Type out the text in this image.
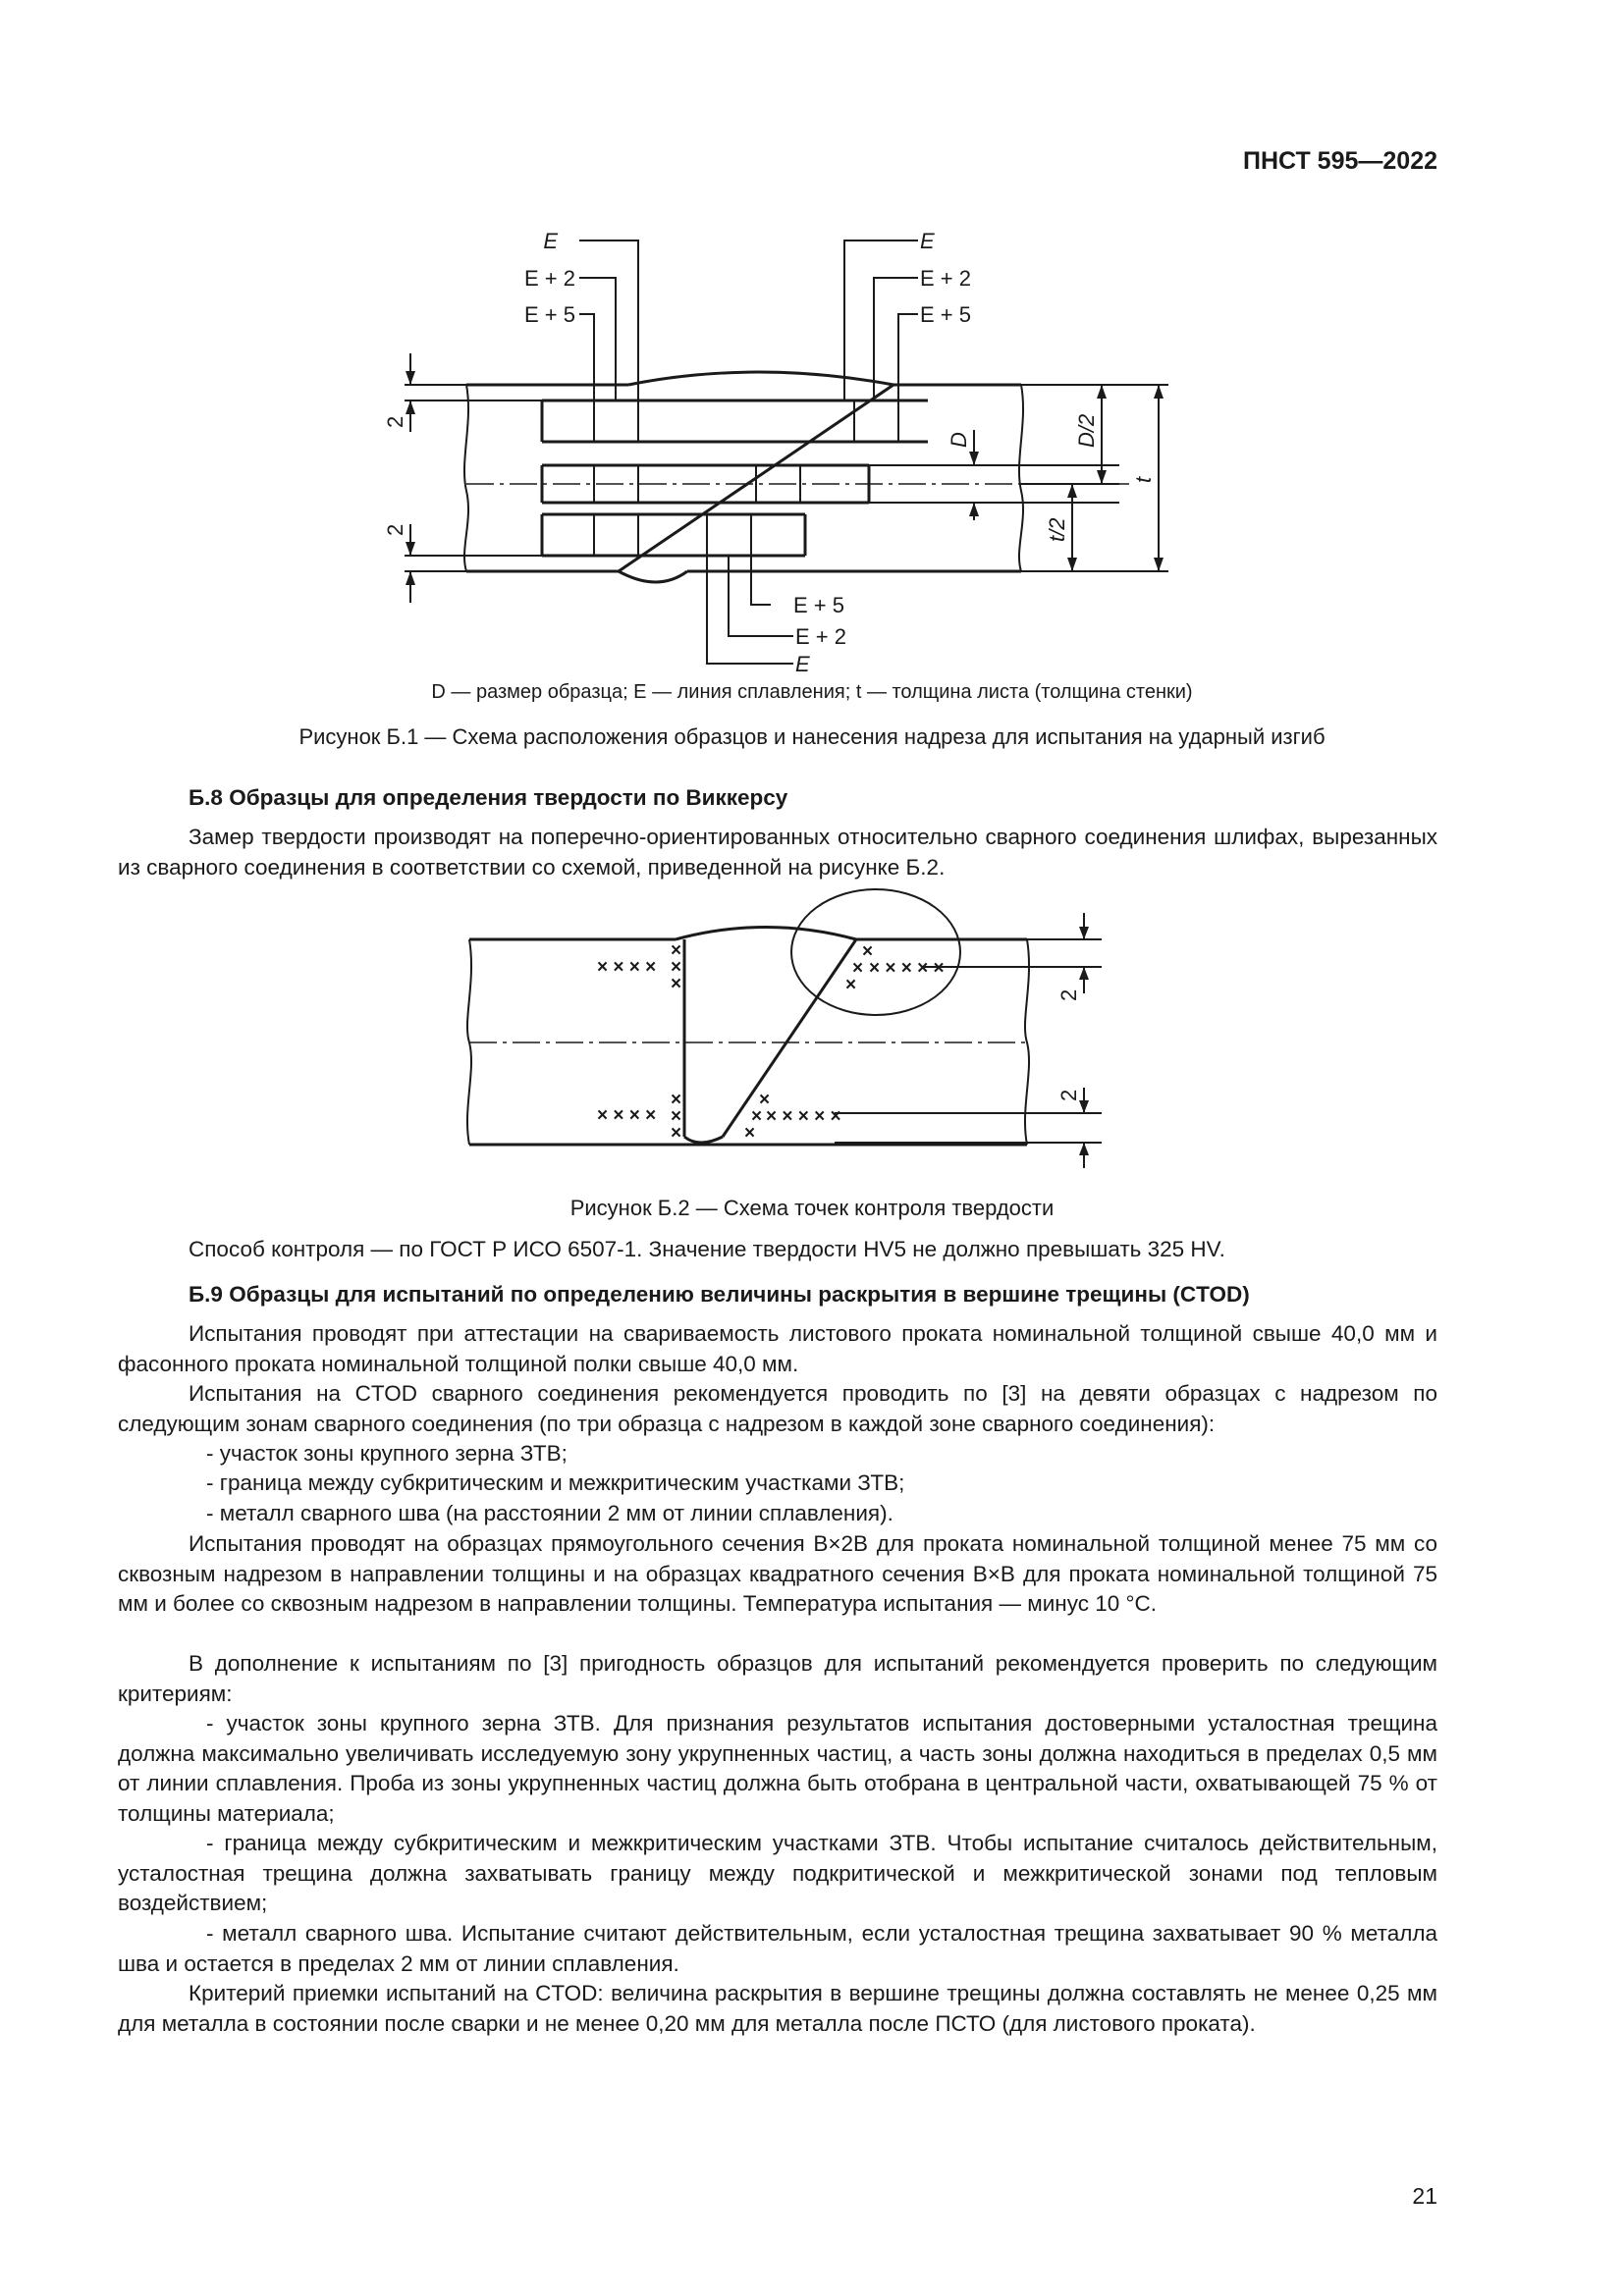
ПНСТ 595—2022
E
E + 2
E + 5
E
E + 2
E + 5
E + 5
E + 2
E
2
2
D	D/2
t/2
t
D — размер образца; E — линия сплавления; t — толщина листа (толщина стенки)
Рисунок Б.1 — Схема расположения образцов и нанесения надреза для испытания на ударный изгиб
Б.8 Образцы для определения твердости по Виккерсу
Замер твердости производят на поперечно-ориентированных относительно сварного соединения шлифах, вырезанных из сварного соединения в соответствии со схемой, приведенной на рисунке Б.2.
× × × ×
×
×
×
×
×
×
× × × × ×
× × × ×
×
×
×
×
×
×
× × × × ×
2
2
Рисунок Б.2 — Схема точек контроля твердости
Способ контроля — по ГОСТ Р ИСО 6507-1. Значение твердости HV5 не должно превышать 325 HV.
Б.9 Образцы для испытаний по определению величины раскрытия в вершине трещины (CTOD)
Испытания проводят при аттестации на свариваемость листового проката номинальной толщиной свыше 40,0 мм и фасонного проката номинальной толщиной полки свыше 40,0 мм.
Испытания на CTOD сварного соединения рекомендуется проводить по [3] на девяти образцах с надрезом по следующим зонам сварного соединения (по три образца с надрезом в каждой зоне сварного соединения):
- участок зоны крупного зерна ЗТВ;
- граница между субкритическим и межкритическим участками ЗТВ;
- металл сварного шва (на расстоянии 2 мм от линии сплавления).
Испытания проводят на образцах прямоугольного сечения B×2B для проката номинальной толщиной менее 75 мм со сквозным надрезом в направлении толщины и на образцах квадратного сечения B×B для проката номинальной толщиной 75 мм и более со сквозным надрезом в направлении толщины. Температура испытания — минус 10 °С.
В дополнение к испытаниям по [3] пригодность образцов для испытаний рекомендуется проверить по следующим критериям:
- участок зоны крупного зерна ЗТВ. Для признания результатов испытания достоверными усталостная трещина должна максимально увеличивать исследуемую зону укрупненных частиц, а часть зоны должна находиться в пределах 0,5 мм от линии сплавления. Проба из зоны укрупненных частиц должна быть отобрана в центральной части, охватывающей 75 % от толщины материала;
- граница между субкритическим и межкритическим участками ЗТВ. Чтобы испытание считалось действительным, усталостная трещина должна захватывать границу между подкритической и межкритической зонами под тепловым воздействием;
- металл сварного шва. Испытание считают действительным, если усталостная трещина захватывает 90 % металла шва и остается в пределах 2 мм от линии сплавления.
Критерий приемки испытаний на CTOD: величина раскрытия в вершине трещины должна составлять не менее 0,25 мм для металла в состоянии после сварки и не менее 0,20 мм для металла после ПСТО (для листового проката).
21
